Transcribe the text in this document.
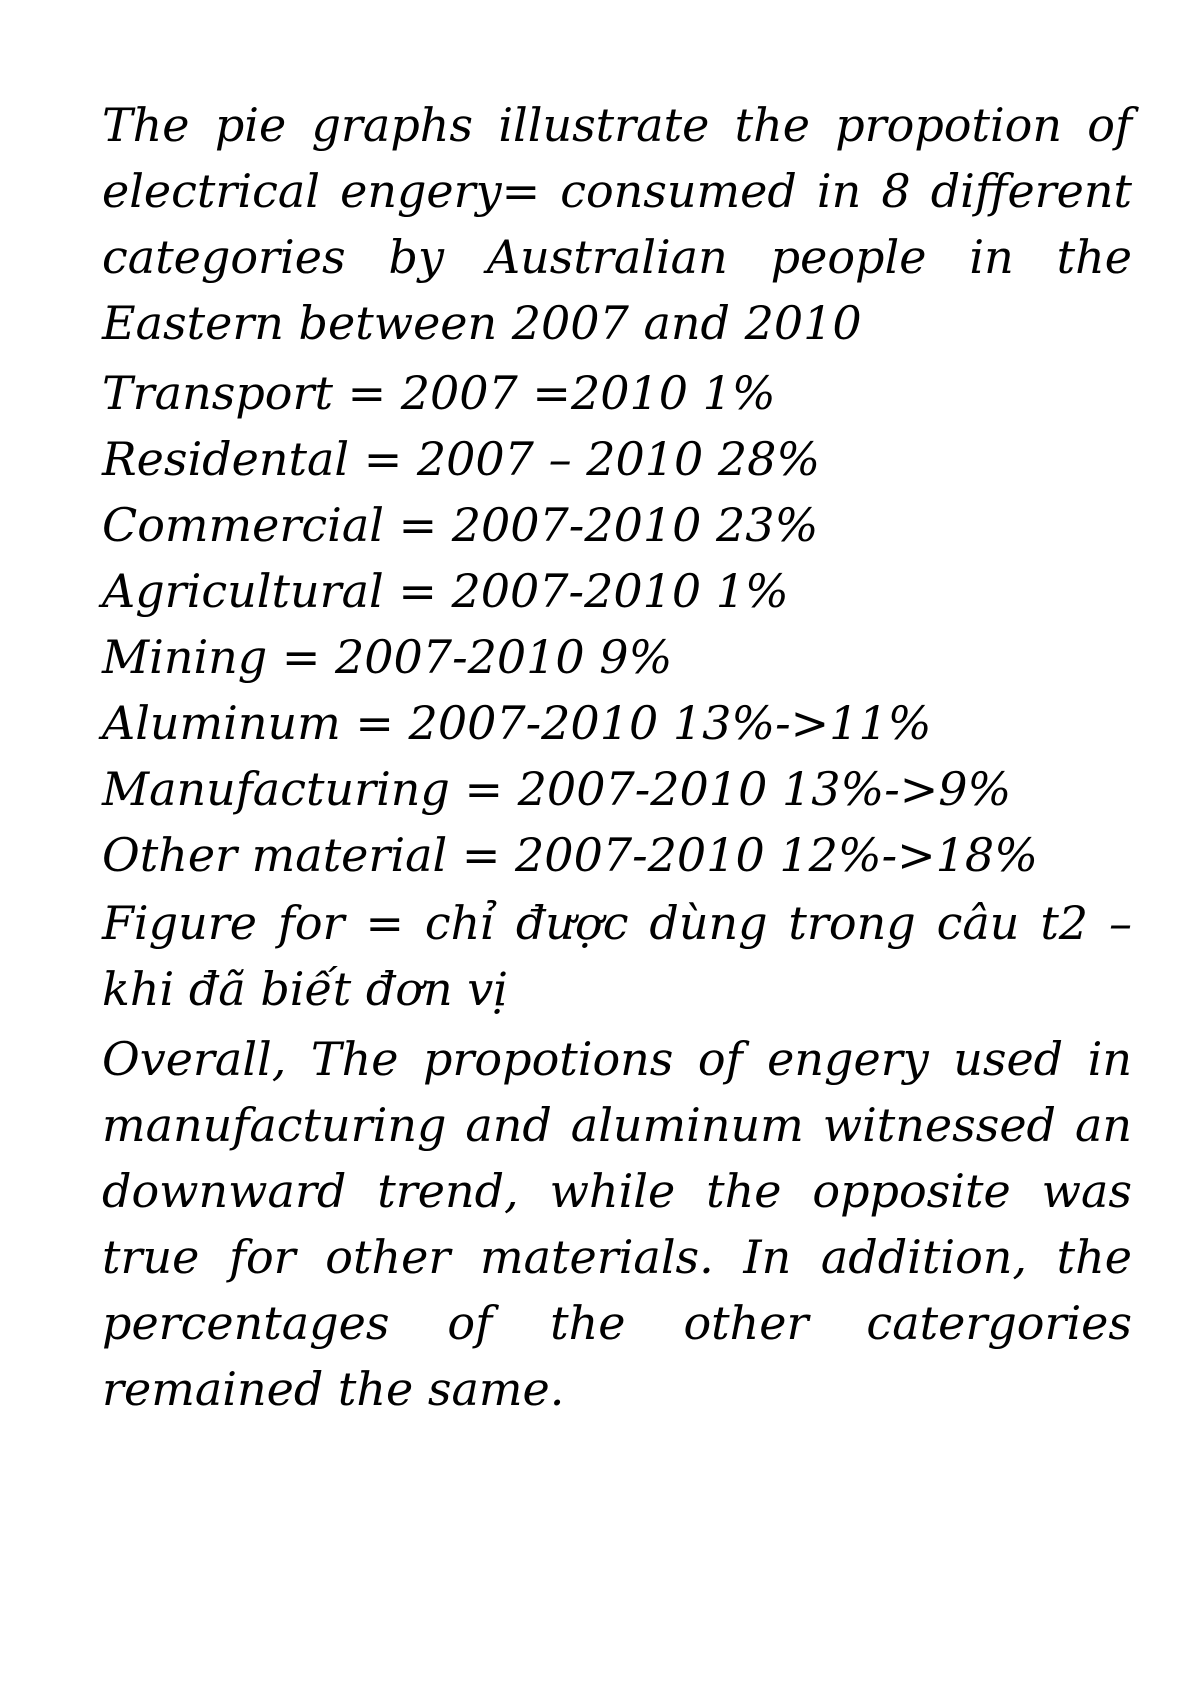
The pie graphs illustrate the propotion of electrical engery= consumed in 8 different categories by Australian people in the Eastern between 2007 and 2010

Transport = 2007 =2010 1%

Residental = 2007 – 2010 28%

Commercial = 2007-2010 23%

Agricultural = 2007-2010 1%

Mining = 2007-2010 9%

Aluminum = 2007-2010 13%->11%

Manufacturing = 2007-2010 13%->9%

Other material = 2007-2010 12%->18%

Figure for = chỉ được dùng trong câu t2 – khi đã biết đơn vị

Overall, The propotions of engery used in manufacturing and aluminum witnessed an downward trend, while the opposite was true for other materials. In addition, the percentages of the other catergories remained the same.
